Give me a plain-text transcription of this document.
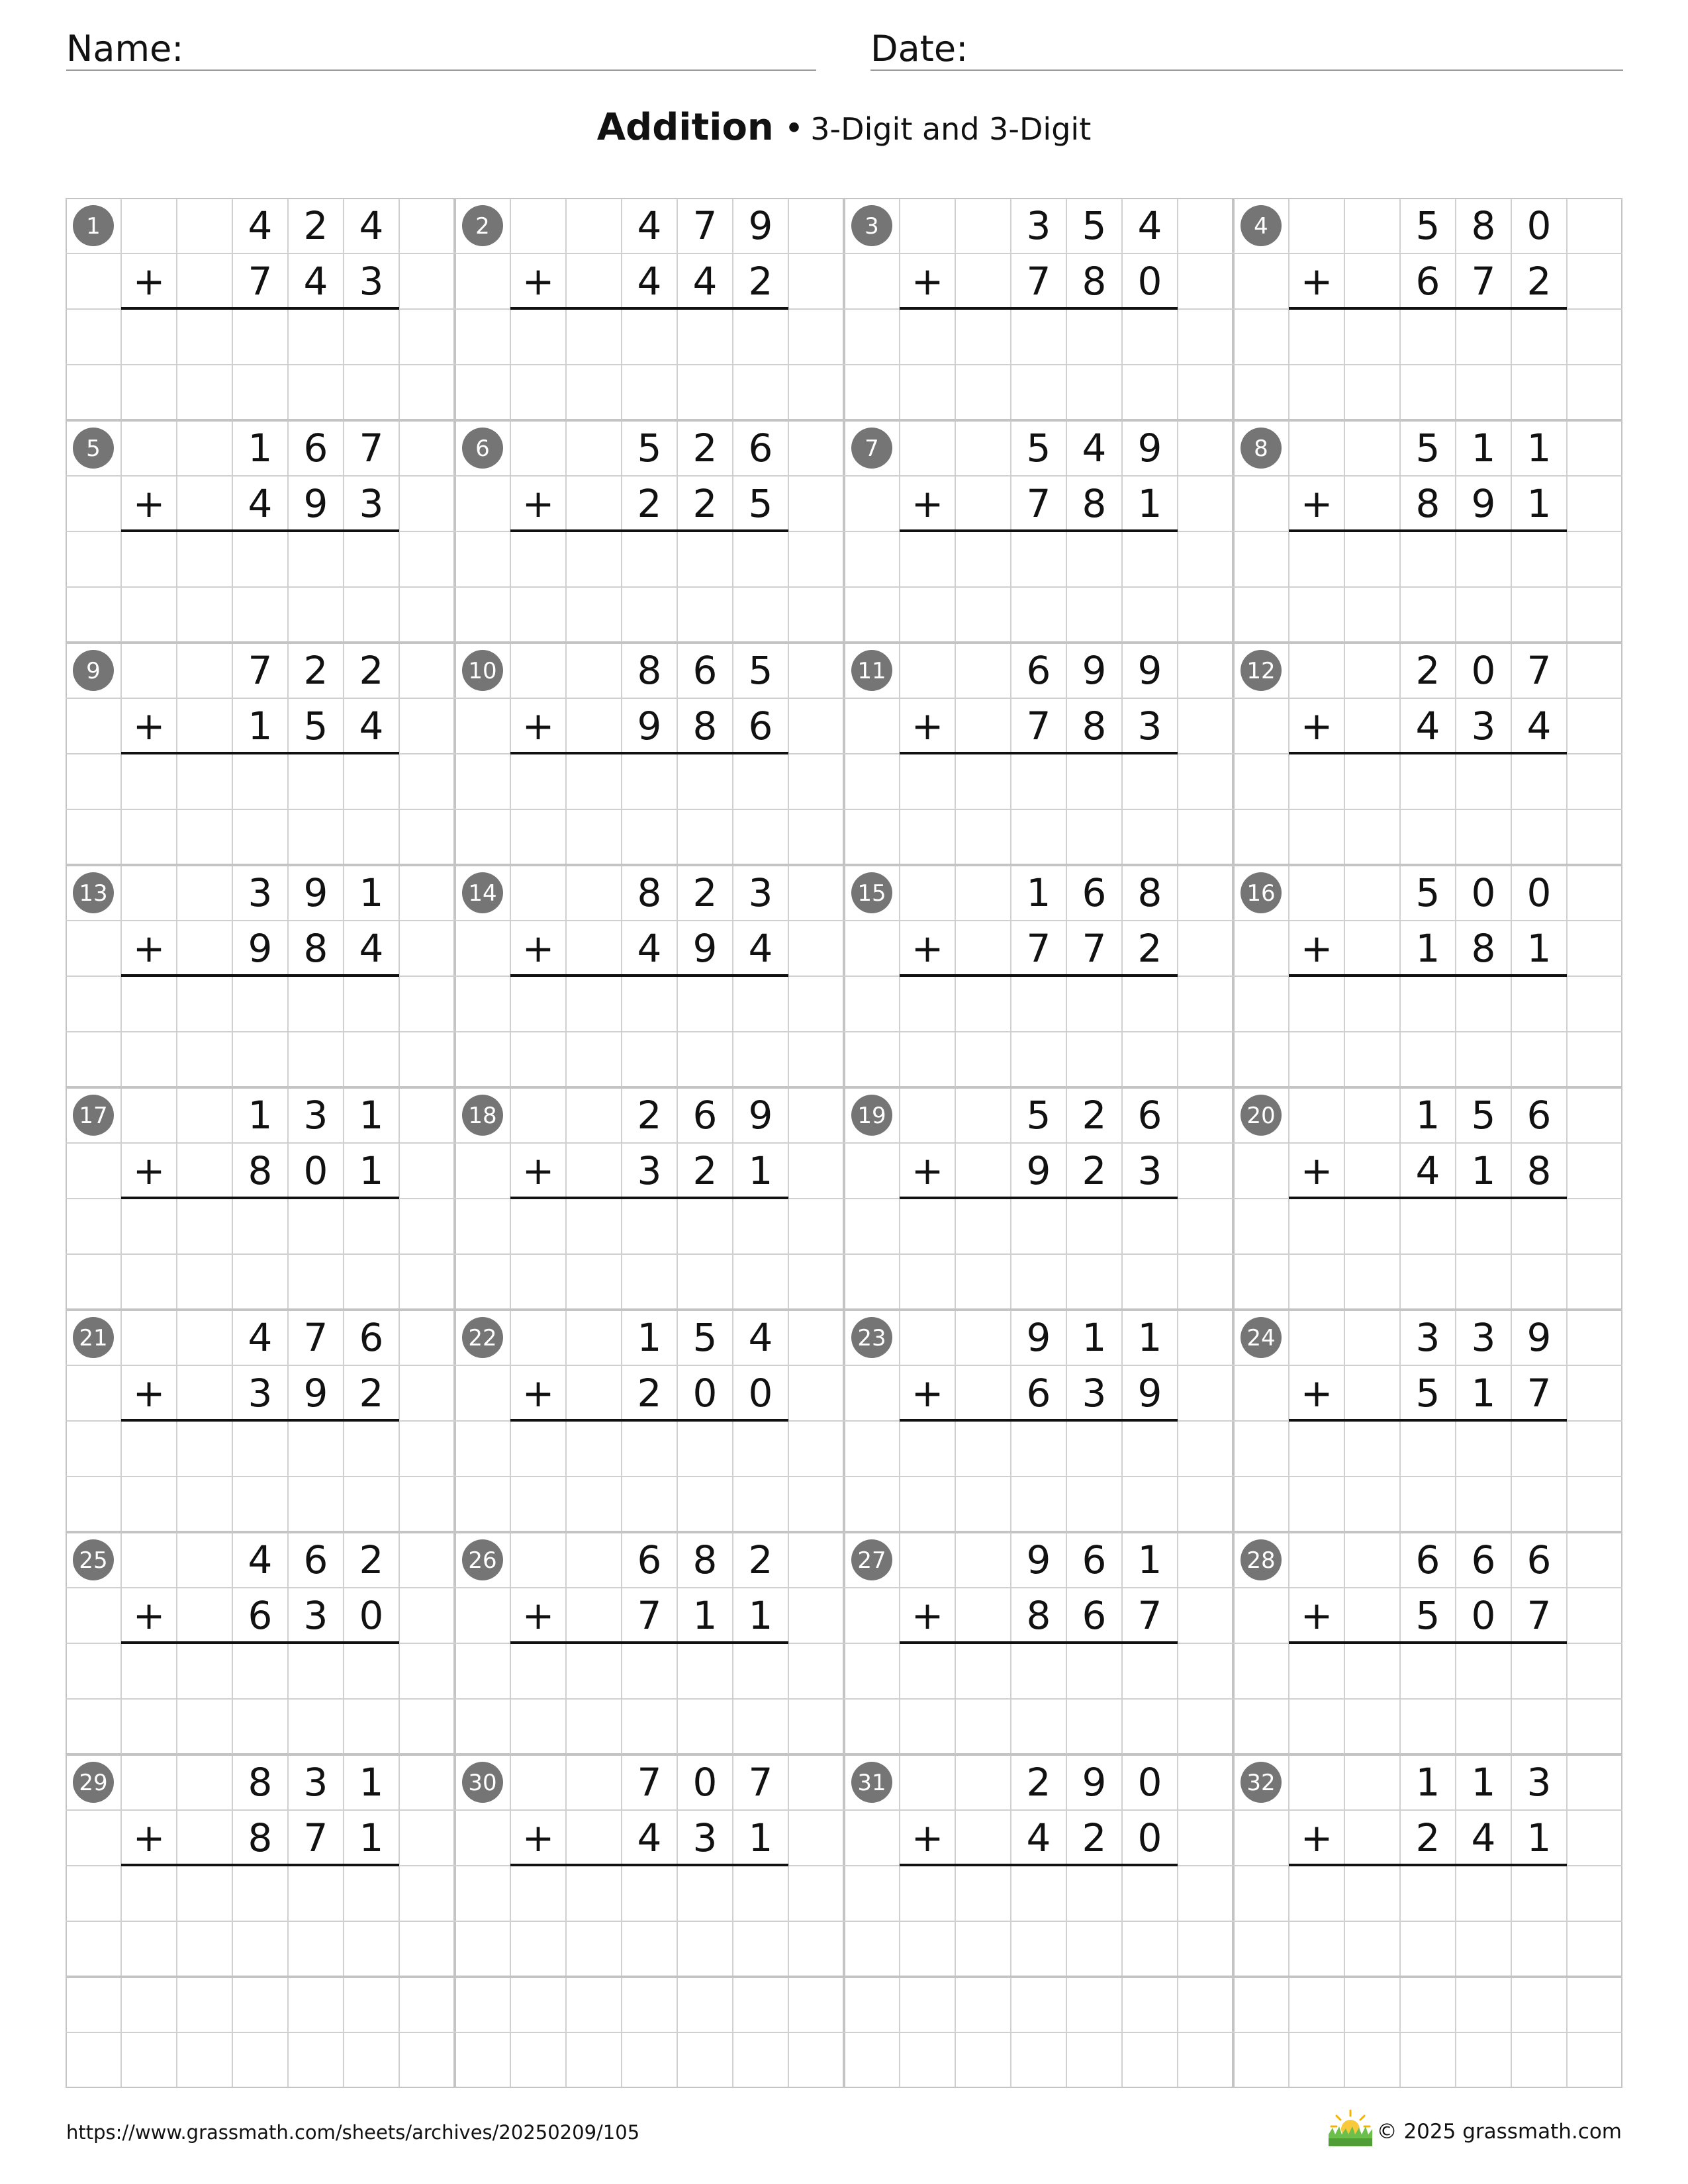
Name:	Date:
Addition • 3-Digit and 3-Digit
1	4 2 4
7 4 3
+
2	4 7 9
4 4 2
+
3	3 5 4
7 8 0
+
4	5 8 0
6 7 2
+
5	1 6 7
4 9 3
+
6	5 2 6
2 2 5
+
7	5 4 9
7 8 1
+
8	5 1 1
8 9 1
+
9	7 2 2
1 5 4
+
10	8 6 5
9 8 6
+
11	6 9 9
7 8 3
+
12	2 0 7
4 3 4
+
13	3 9 1
9 8 4
+
14	8 2 3
4 9 4
+
15	1 6 8
7 7 2
+
16	5 0 0
1 8 1
+
17	1 3 1
8 0 1
+
18	2 6 9
3 2 1
+
19	5 2 6
9 2 3
+
20	1 5 6
4 1 8
+
21	4 7 6
3 9 2
+
22	1 5 4
2 0 0
+
23	9 1 1
6 3 9
+
24	3 3 9
5 1 7
+
25	4 6 2
6 3 0
+
26	6 8 2
7 1 1
+
27	9 6 1
8 6 7
+
28	6 6 6
5 0 7
+
29	8 3 1
8 7 1
+
30	7 0 7
4 3 1
+
31	2 9 0
4 2 0
+
32	1 1 3
2 4 1
+
https://www.grassmath.com/sheets/archives/20250209/105	© 2025 grassmath.com
